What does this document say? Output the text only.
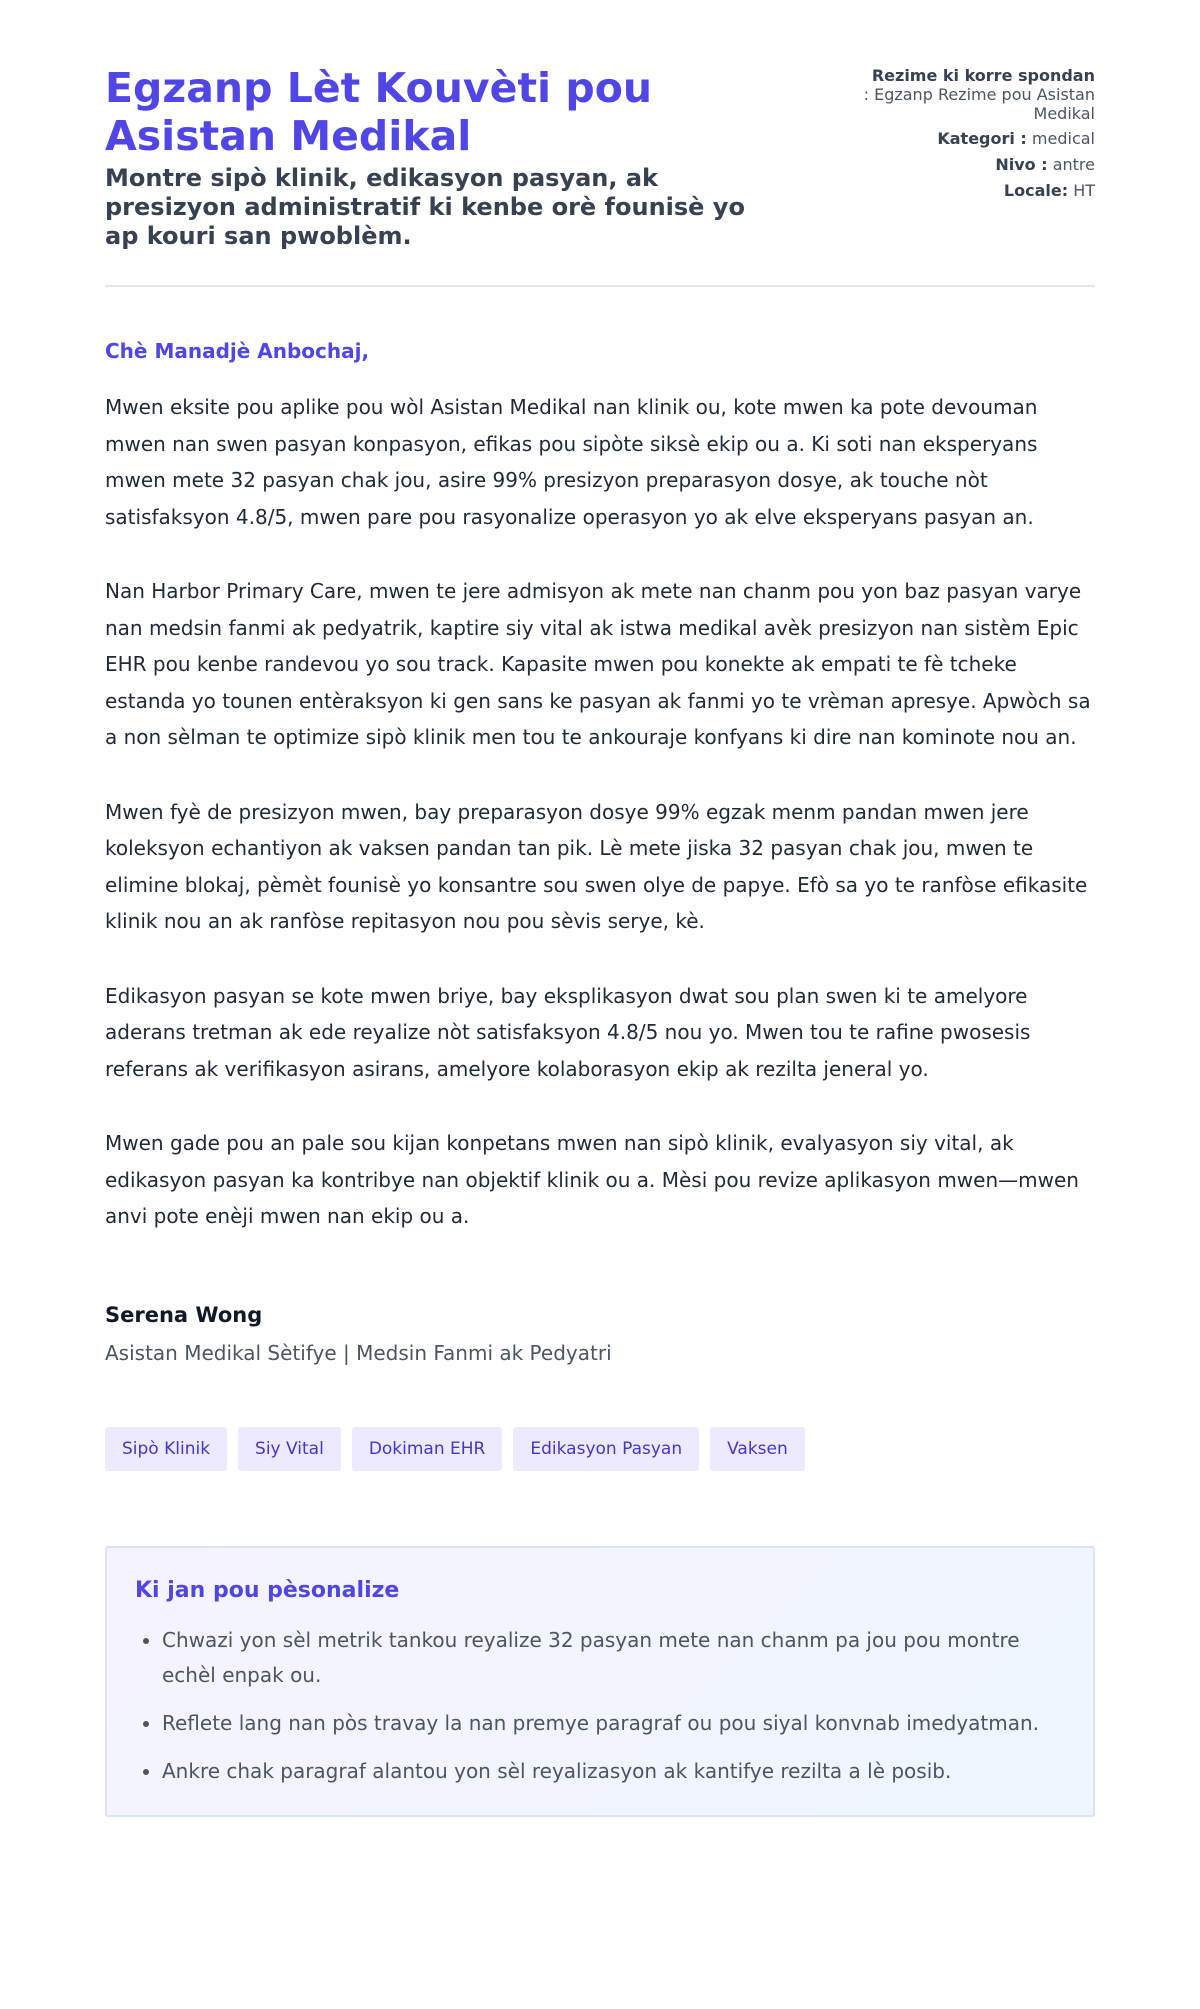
Egzanp Lèt Kouvèti pou Asistan Medikal

Montre sipò klinik, edikasyon pasyan, ak presizyon administratif ki kenbe orè founisè yo ap kouri san pwoblèm.

Rezime ki korre spondan
: Egzanp Rezime pou Asistan Medikal
Kategori : medical
Nivo : antre
Locale: HT
Chè Manadjè Anbochaj,

Mwen eksite pou aplike pou wòl Asistan Medikal nan klinik ou, kote mwen ka pote devouman mwen nan swen pasyan konpasyon, efikas pou sipòte siksè ekip ou a. Ki soti nan eksperyans mwen mete 32 pasyan chak jou, asire 99% presizyon preparasyon dosye, ak touche nòt satisfaksyon 4.8/5, mwen pare pou rasyonalize operasyon yo ak elve eksperyans pasyan an.

Nan Harbor Primary Care, mwen te jere admisyon ak mete nan chanm pou yon baz pasyan varye nan medsin fanmi ak pedyatrik, kaptire siy vital ak istwa medikal avèk presizyon nan sistèm Epic EHR pou kenbe randevou yo sou track. Kapasite mwen pou konekte ak empati te fè tcheke estanda yo tounen entèraksyon ki gen sans ke pasyan ak fanmi yo te vrèman apresye. Apwòch sa a non sèlman te optimize sipò klinik men tou te ankouraje konfyans ki dire nan kominote nou an.

Mwen fyè de presizyon mwen, bay preparasyon dosye 99% egzak menm pandan mwen jere koleksyon echantiyon ak vaksen pandan tan pik. Lè mete jiska 32 pasyan chak jou, mwen te elimine blokaj, pèmèt founisè yo konsantre sou swen olye de papye. Efò sa yo te ranfòse efikasite klinik nou an ak ranfòse repitasyon nou pou sèvis serye, kè.

Edikasyon pasyan se kote mwen briye, bay eksplikasyon dwat sou plan swen ki te amelyore aderans tretman ak ede reyalize nòt satisfaksyon 4.8/5 nou yo. Mwen tou te rafine pwosesis referans ak verifikasyon asirans, amelyore kolaborasyon ekip ak rezilta jeneral yo.

Mwen gade pou an pale sou kijan konpetans mwen nan sipò klinik, evalyasyon siy vital, ak edikasyon pasyan ka kontribye nan objektif klinik ou a. Mèsi pou revize aplikasyon mwen—mwen anvi pote enèji mwen nan ekip ou a.

Serena Wong
Asistan Medikal Sètifye | Medsin Fanmi ak Pedyatri
Sipò Klinik	Siy Vital	Dokiman EHR	Edikasyon Pasyan	Vaksen
Ki jan pou pèsonalize
• Chwazi yon sèl metrik tankou reyalize 32 pasyan mete nan chanm pa jou pou montre echèl enpak ou.
• Reflete lang nan pòs travay la nan premye paragraf ou pou siyal konvnab imedyatman.
• Ankre chak paragraf alantou yon sèl reyalizasyon ak kantifye rezilta a lè posib.
